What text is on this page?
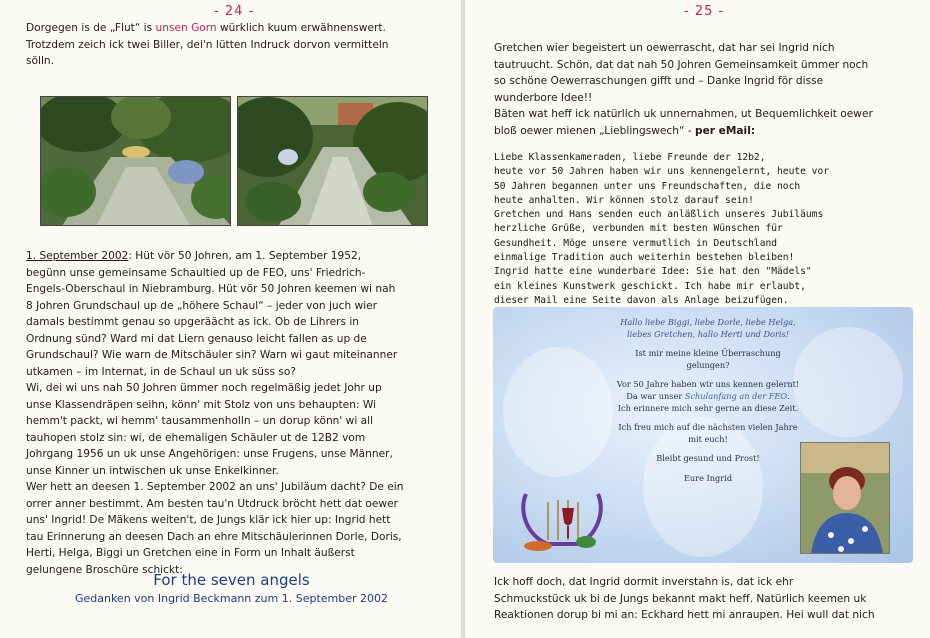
- 24 -
Dorgegen is de „Flut“ is unsen Gorn würklich kuum erwähnenswert.
Trotzdem zeich ick twei Biller, dei'n lütten Indruck dorvon vermitteln
sölln.
1. September 2002: Hüt vör 50 Johren, am 1. September 1952,
begünn unse gemeinsame Schaultied up de FEO, uns' Friedrich-
Engels-Oberschaul in Niebramburg. Hüt vör 50 Johren keemen wi nah
8 Johren Grundschaul up de „höhere Schaul“ – jeder von juch wier
damals bestimmt genau so upgeräächt as ick. Ob de Lihrers in
Ordnung sünd? Ward mi dat Liern genauso leicht fallen as up de
Grundschaul? Wie warn de Mitschäuler sin? Warn wi gaut miteinanner
utkamen – im Internat, in de Schaul un uk süss so?
Wi, dei wi uns nah 50 Johren ümmer noch regelmäßig jedet Johr up
unse Klassendräpen seihn, könn' mit Stolz von uns behaupten: Wi
hemm't packt, wi hemm' tausammenholln – un dorup könn' wi all
tauhopen stolz sin: wi, de ehemaligen Schäuler ut de 12B2 vom
Johrgang 1956 un uk unse Angehörigen: unse Frugens, unse Männer,
unse Kinner un intwischen uk unse Enkelkinner.
Wer hett an deesen 1. September 2002 an uns' Jubiläum dacht? De ein
orrer anner bestimmt. Am besten tau'n Utdruck bröcht hett dat oewer
uns' Ingrid! De Mäkens weiten't, de Jungs klär ick hier up: Ingrid hett
tau Erinnerung an deesen Dach an ehre Mitschäulerinnen Dorle, Doris,
Herti, Helga, Biggi un Gretchen eine in Form un Inhalt äußerst
gelungene Broschüre schickt:
For the seven angels
Gedanken von Ingrid Beckmann zum 1. September 2002
- 25 -
Gretchen wier begeistert un oewerrascht, dat har sei Ingrid nich
tautruucht. Schön, dat dat nah 50 Johren Gemeinsamkeit ümmer noch
so schöne Oewerraschungen gifft und – Danke Ingrid för disse
wunderbore Idee!!
Bäten wat heff ick natürlich uk unnernahmen, ut Bequemlichkeit oewer
bloß oewer mienen „Lieblingswech“ - per eMail:
Liebe Klassenkameraden, liebe Freunde der 12b2,
heute vor 50 Jahren haben wir uns kennengelernt, heute vor
50 Jahren begannen unter uns Freundschaften, die noch
heute anhalten. Wir können stolz darauf sein!
Gretchen und Hans senden euch anläßlich unseres Jubiläums
herzliche Grüße, verbunden mit besten Wünschen für
Gesundheit. Möge unsere vermutlich in Deutschland
einmalige Tradition auch weiterhin bestehen bleiben!
Ingrid hatte eine wunderbare Idee: Sie hat den "Mädels"
ein kleines Kunstwerk geschickt. Ich habe mir erlaubt,
dieser Mail eine Seite davon als Anlage beizufügen.
Hallo liebe Biggi, liebe Dorle, liebe Helga,
liebes Gretchen, hallo Herti und Doris!
Ist mir meine kleine Überraschung
gelungen?
Vor 50 Jahre haben wir uns kennen gelernt!
Da war unser Schulanfang an der FEO.
Ich erinnere mich sehr gerne an diese Zeit.
Ich freu mich auf die nächsten vielen Jahre
mit euch!
Bleibt gesund und Prost!
Eure Ingrid
Ick hoff doch, dat Ingrid dormit inverstahn is, dat ick ehr
Schmuckstück uk bi de Jungs bekannt makt heff. Natürlich keemen uk
Reaktionen dorup bi mi an: Eckhard hett mi anraupen. Hei wull dat nich
